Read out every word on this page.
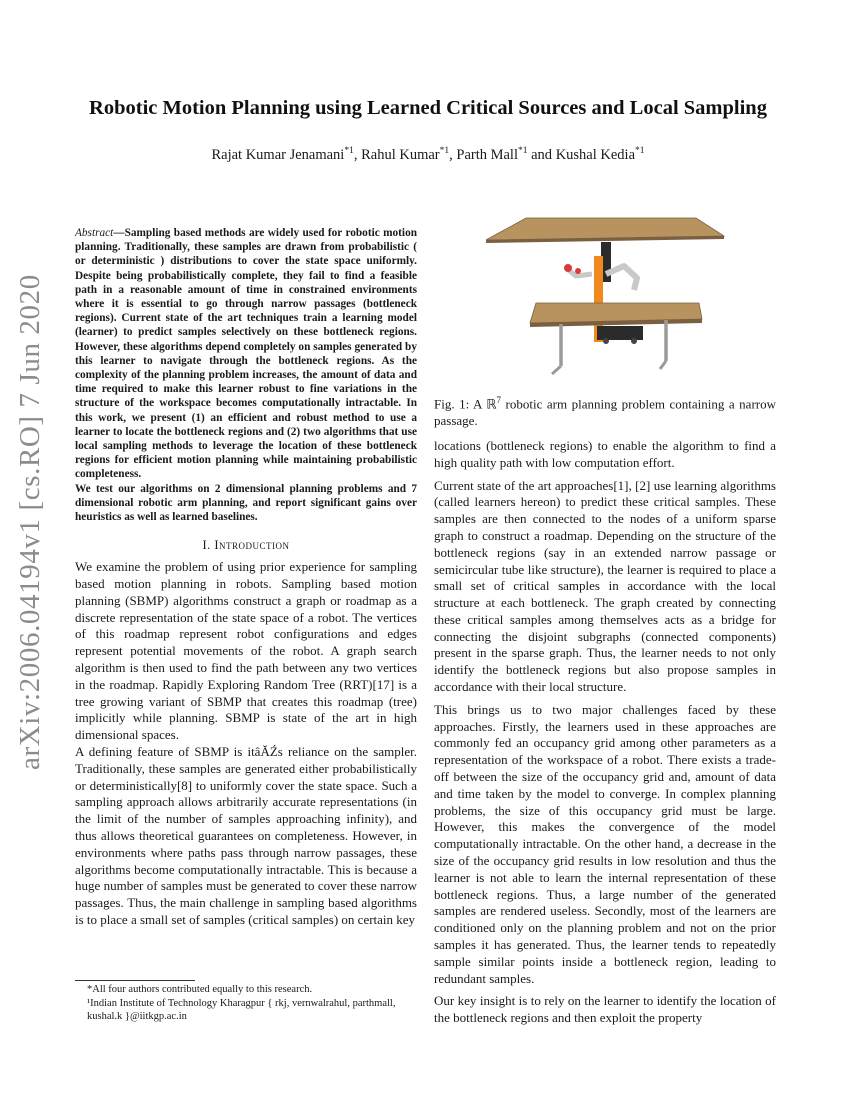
arXiv:2006.04194v1 [cs.RO] 7 Jun 2020
Robotic Motion Planning using Learned Critical Sources and Local Sampling
Rajat Kumar Jenamani$^{*1}$, Rahul Kumar$^{*1}$, Parth Mall$^{*1}$ and Kushal Kedia$^{*1}$

Abstract—Sampling based methods are widely used for robotic motion planning. Traditionally, these samples are drawn from probabilistic ( or deterministic ) distributions to cover the state space uniformly. Despite being probabilistically complete, they fail to find a feasible path in a reasonable amount of time in constrained environments where it is essential to go through narrow passages (bottleneck regions). Current state of the art techniques train a learning model (learner) to predict samples selectively on these bottleneck regions. However, these algorithms depend completely on samples generated by this learner to navigate through the bottleneck regions. As the complexity of the planning problem increases, the amount of data and time required to make this learner robust to fine variations in the structure of the workspace becomes computationally intractable. In this work, we present (1) an efficient and robust method to use a learner to locate the bottleneck regions and (2) two algorithms that use local sampling methods to leverage the location of these bottleneck regions for efficient motion planning while maintaining probabilistic completeness.

We test our algorithms on 2 dimensional planning problems and 7 dimensional robotic arm planning, and report significant gains over heuristics as well as learned baselines.

I. Introduction

We examine the problem of using prior experience for sampling based motion planning in robots. Sampling based motion planning (SBMP) algorithms construct a graph or roadmap as a discrete representation of the state space of a robot. The vertices of this roadmap represent robot configurations and edges represent potential movements of the robot. A graph search algorithm is then used to find the path between any two vertices in the roadmap. Rapidly Exploring Random Tree (RRT)[17] is a tree growing variant of SBMP that creates this roadmap (tree) implicitly while planning. SBMP is state of the art in high dimensional spaces.

A defining feature of SBMP is itâĂŹs reliance on the sampler. Traditionally, these samples are generated either probabilistically or deterministically[8] to uniformly cover the state space. Such a sampling approach allows arbitrarily accurate representations (in the limit of the number of samples approaching infinity), and thus allows theoretical guarantees on completeness. However, in environments where paths pass through narrow passages, these algorithms become computationally intractable. This is because a huge number of samples must be generated to cover these narrow passages. Thus, the main challenge in sampling based algorithms is to place a small set of samples (critical samples) on certain key

*All four authors contributed equally to this research.

¹Indian Institute of Technology Kharagpur { rkj, vernwalrahul, parthmall, kushal.k }@iitkgp.ac.in

Fig. 1: A ℝ$^7$ robotic arm planning problem containing a narrow passage.

locations (bottleneck regions) to enable the algorithm to find a high quality path with low computation effort.

Current state of the art approaches[1], [2] use learning algorithms (called learners hereon) to predict these critical samples. These samples are then connected to the nodes of a uniform sparse graph to construct a roadmap. Depending on the structure of the bottleneck regions (say in an extended narrow passage or semicircular tube like structure), the learner is required to place a small set of critical samples in accordance with the local structure at each bottleneck. The graph created by connecting these critical samples among themselves acts as a bridge for connecting the disjoint subgraphs (connected components) present in the sparse graph. Thus, the learner needs to not only identify the bottleneck regions but also propose samples in accordance with their local structure.

This brings us to two major challenges faced by these approaches. Firstly, the learners used in these approaches are commonly fed an occupancy grid among other parameters as a representation of the workspace of a robot. There exists a trade-off between the size of the occupancy grid and, amount of data and time taken by the model to converge. In complex planning problems, the size of this occupancy grid must be large. However, this makes the convergence of the model computationally intractable. On the other hand, a decrease in the size of the occupancy grid results in low resolution and thus the learner is not able to learn the internal representation of these bottleneck regions. Thus, a large number of the generated samples are rendered useless. Secondly, most of the learners are conditioned only on the planning problem and not on the prior samples it has generated. Thus, the learner tends to repeatedly sample similar points inside a bottleneck region, leading to redundant samples.

Our key insight is to rely on the learner to identify the location of the bottleneck regions and then exploit the property
